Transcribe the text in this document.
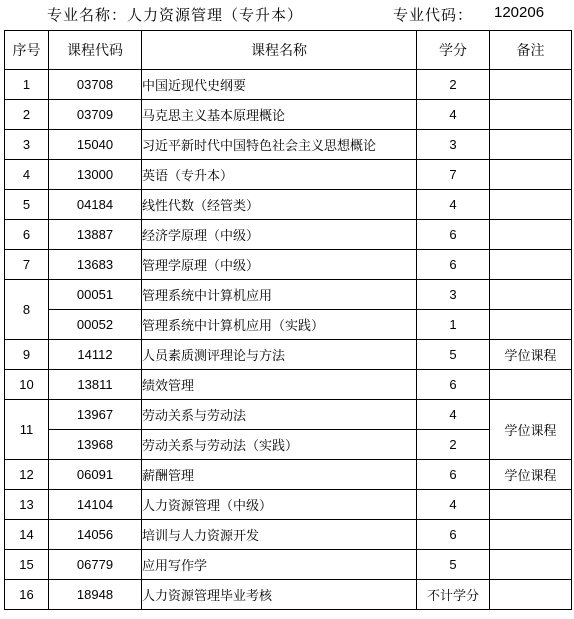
专业名称：人力资源管理（专升本）	专业代码： 120206
序号	课程代码	课程名称	学分	备注
1	03708	中国近现代史纲要	2	
2	03709	马克思主义基本原理概论	4	
3	15040	习近平新时代中国特色社会主义思想概论	3	
4	13000	英语（专升本）	7	
5	04184	线性代数（经管类）	4	
6	13887	经济学原理（中级）	6	
7	13683	管理学原理（中级）	6	
8	00051	管理系统中计算机应用	3	
	00052	管理系统中计算机应用（实践）	1	
9	14112	人员素质测评理论与方法	5	学位课程
10	13811	绩效管理	6	
11	13967	劳动关系与劳动法	4	学位课程
	13968	劳动关系与劳动法（实践）	2	
12	06091	薪酬管理	6	学位课程
13	14104	人力资源管理（中级）	4	
14	14056	培训与人力资源开发	6	
15	06779	应用写作学	5	
16	18948	人力资源管理毕业考核	不计学分	
